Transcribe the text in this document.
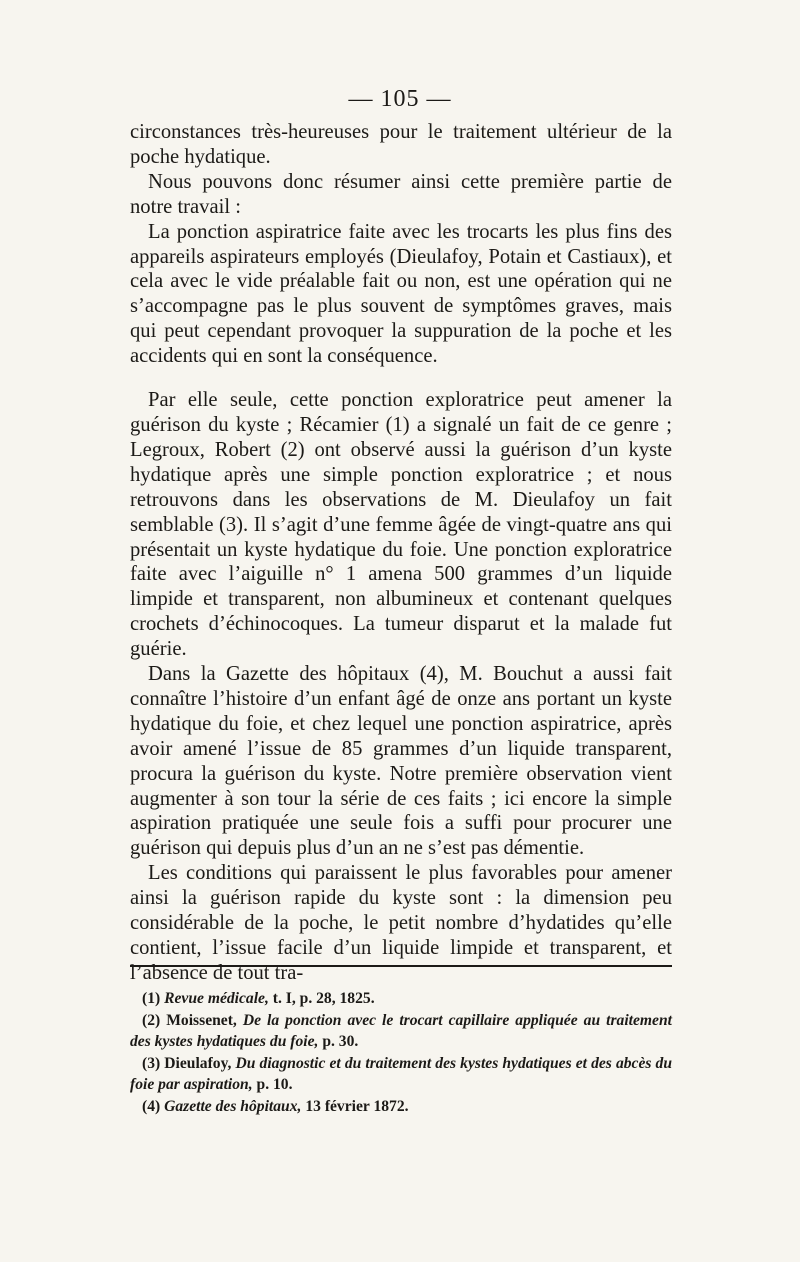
— 105 —

circonstances très-heureuses pour le traitement ultérieur de la poche hydatique.

Nous pouvons donc résumer ainsi cette première partie de notre travail :

La ponction aspiratrice faite avec les trocarts les plus fins des appareils aspirateurs employés (Dieulafoy, Potain et Castiaux), et cela avec le vide préalable fait ou non, est une opération qui ne s’accompagne pas le plus souvent de symptômes graves, mais qui peut cependant provoquer la suppuration de la poche et les accidents qui en sont la conséquence.

Par elle seule, cette ponction exploratrice peut amener la guérison du kyste ; Récamier (1) a signalé un fait de ce genre ; Legroux, Robert (2) ont observé aussi la guérison d’un kyste hydatique après une simple ponction exploratrice ; et nous retrouvons dans les observations de M. Dieulafoy un fait semblable (3). Il s’agit d’une femme âgée de vingt-quatre ans qui présentait un kyste hydatique du foie. Une ponction exploratrice faite avec l’aiguille n° 1 amena 500 grammes d’un liquide limpide et transparent, non albumineux et contenant quelques crochets d’échinocoques. La tumeur disparut et la malade fut guérie.

Dans la Gazette des hôpitaux (4), M. Bouchut a aussi fait connaître l’histoire d’un enfant âgé de onze ans portant un kyste hydatique du foie, et chez lequel une ponction aspiratrice, après avoir amené l’issue de 85 grammes d’un liquide transparent, procura la guérison du kyste. Notre première observation vient augmenter à son tour la série de ces faits ; ici encore la simple aspiration pratiquée une seule fois a suffi pour procurer une guérison qui depuis plus d’un an ne s’est pas démentie.

Les conditions qui paraissent le plus favorables pour amener ainsi la guérison rapide du kyste sont : la dimension peu considérable de la poche, le petit nombre d’hydatides qu’elle contient, l’issue facile d’un liquide limpide et transparent, et l’absence de tout tra-

(1) Revue médicale, t. I, p. 28, 1825.

(2) Moissenet, De la ponction avec le trocart capillaire appliquée au traitement des kystes hydatiques du foie, p. 30.

(3) Dieulafoy, Du diagnostic et du traitement des kystes hydatiques et des abcès du foie par aspiration, p. 10.

(4) Gazette des hôpitaux, 13 février 1872.
